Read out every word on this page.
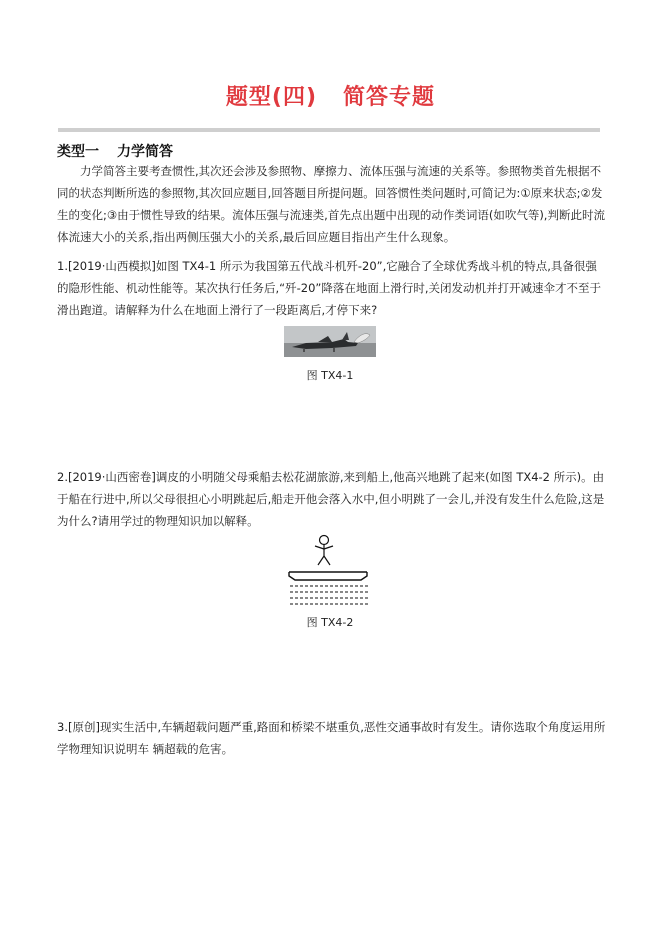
题型(四) 简答专题
类型一 力学简答
力学简答主要考查惯性,其次还会涉及参照物、摩擦力、流体压强与流速的关系等。参照物类首先根据不同的状态判断所选的参照物,其次回应题目,回答题目所提问题。回答惯性类问题时,可简记为:①原来状态;②发生的变化;③由于惯性导致的结果。流体压强与流速类,首先点出题中出现的动作类词语(如吹气等),判断此时流体流速大小的关系,指出两侧压强大小的关系,最后回应题目指出产生什么现象。
1.[2019·山西模拟]如图 TX4-1 所示为我国第五代战斗机歼-20”,它融合了全球优秀战斗机的特点,具备很强的隐形性能、机动性能等。某次执行任务后,“歼-20”降落在地面上滑行时,关闭发动机并打开减速伞才不至于滑出跑道。请解释为什么在地面上滑行了一段距离后,才停下来?
图 TX4-1
2.[2019·山西密卷]调皮的小明随父母乘船去松花湖旅游,来到船上,他高兴地跳了起来(如图 TX4-2 所示)。由于船在行进中,所以父母很担心小明跳起后,船走开他会落入水中,但小明跳了一会儿,并没有发生什么危险,这是为什么?请用学过的物理知识加以解释。
图 TX4-2
3.[原创]现实生活中,车辆超载问题严重,路面和桥梁不堪重负,恶性交通事故时有发生。请你选取个角度运用所学物理知识说明车 辆超载的危害。
